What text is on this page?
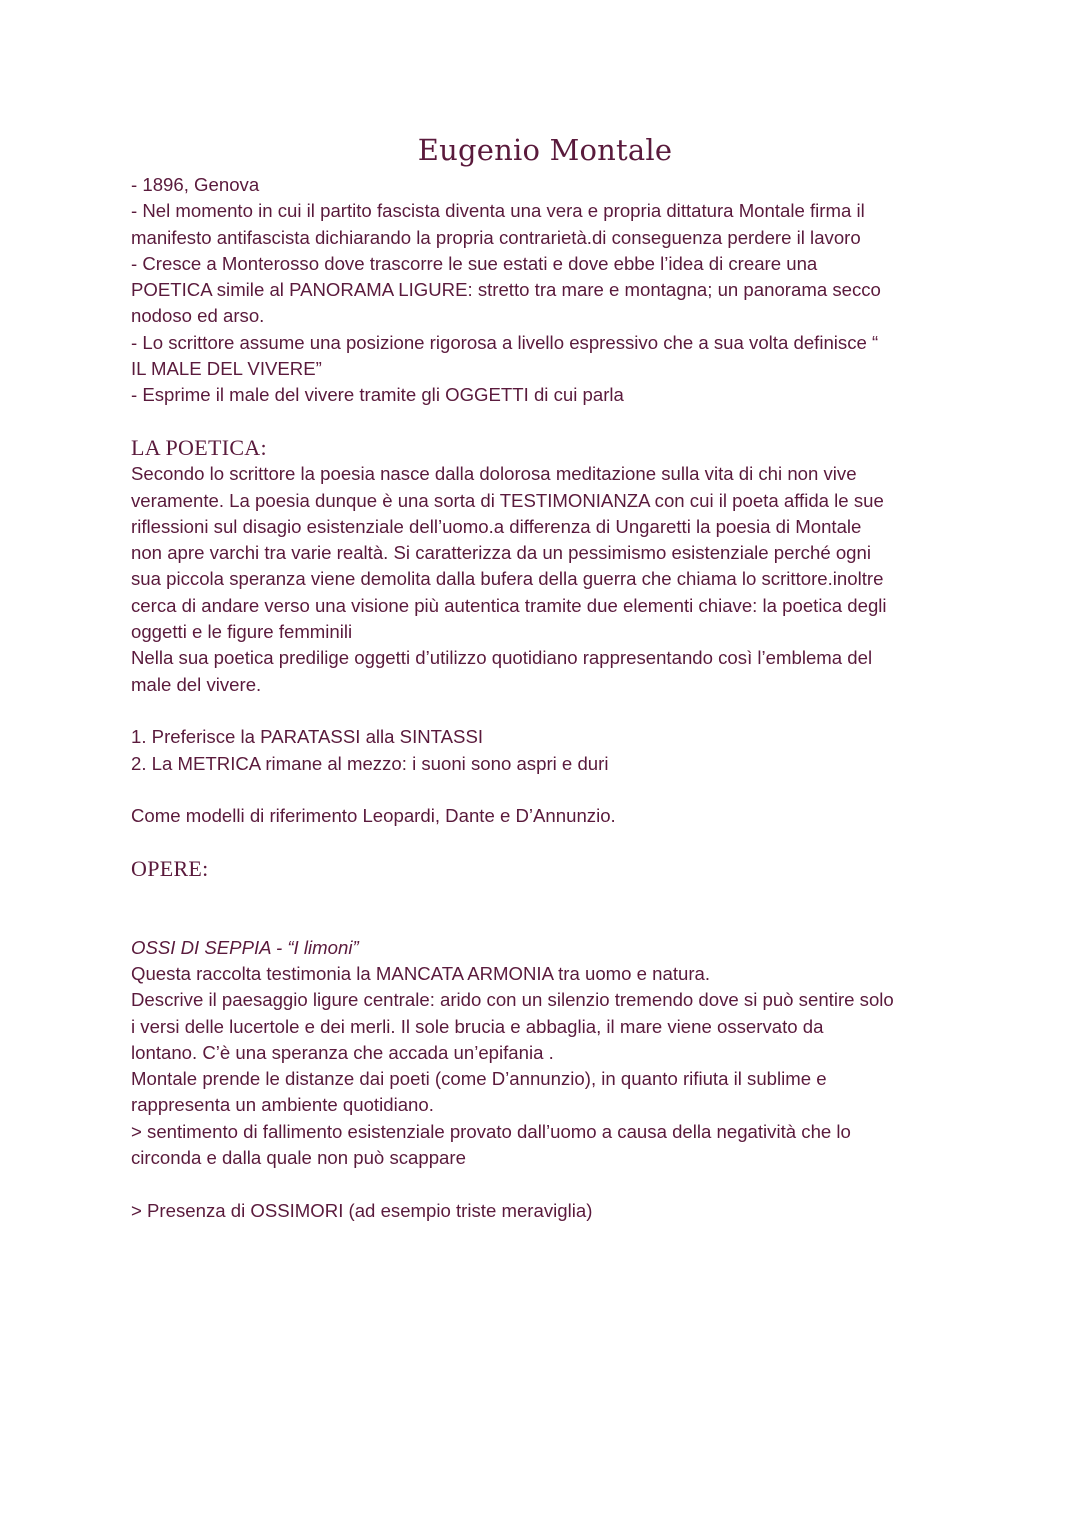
Eugenio Montale
- 1896, Genova
- Nel momento in cui il partito fascista diventa una vera e propria dittatura Montale firma il
manifesto antifascista dichiarando la propria contrarietà.di conseguenza perdere il lavoro
- Cresce a Monterosso dove trascorre le sue estati e dove ebbe l’idea di creare una
POETICA simile al PANORAMA LIGURE: stretto tra mare e montagna; un panorama secco
nodoso ed arso.
- Lo scrittore assume una posizione rigorosa a livello espressivo che a sua volta definisce “
IL MALE DEL VIVERE”
- Esprime il male del vivere tramite gli OGGETTI di cui parla
LA POETICA:
Secondo lo scrittore la poesia nasce dalla dolorosa meditazione sulla vita di chi non vive
veramente. La poesia dunque è una sorta di TESTIMONIANZA con cui il poeta affida le sue
riflessioni sul disagio esistenziale dell’uomo.a differenza di Ungaretti la poesia di Montale
non apre varchi tra varie realtà. Si caratterizza da un pessimismo esistenziale perché ogni
sua piccola speranza viene demolita dalla bufera della guerra che chiama lo scrittore.inoltre
cerca di andare verso una visione più autentica tramite due elementi chiave: la poetica degli
oggetti e le figure femminili
Nella sua poetica predilige oggetti d’utilizzo quotidiano rappresentando così l’emblema del
male del vivere.
1. Preferisce la PARATASSI alla SINTASSI
2. La METRICA rimane al mezzo: i suoni sono aspri e duri
Come modelli di riferimento Leopardi, Dante e D’Annunzio.
OPERE:
OSSI DI SEPPIA - “I limoni”
Questa raccolta testimonia la MANCATA ARMONIA tra uomo e natura.
Descrive il paesaggio ligure centrale: arido con un silenzio tremendo dove si può sentire solo
i versi delle lucertole e dei merli. Il sole brucia e abbaglia, il mare viene osservato da
lontano. C’è una speranza che accada un’epifania .
Montale prende le distanze dai poeti (come D’annunzio), in quanto rifiuta il sublime e
rappresenta un ambiente quotidiano.
> sentimento di fallimento esistenziale provato dall’uomo a causa della negatività che lo
circonda e dalla quale non può scappare
> Presenza di OSSIMORI (ad esempio triste meraviglia)
